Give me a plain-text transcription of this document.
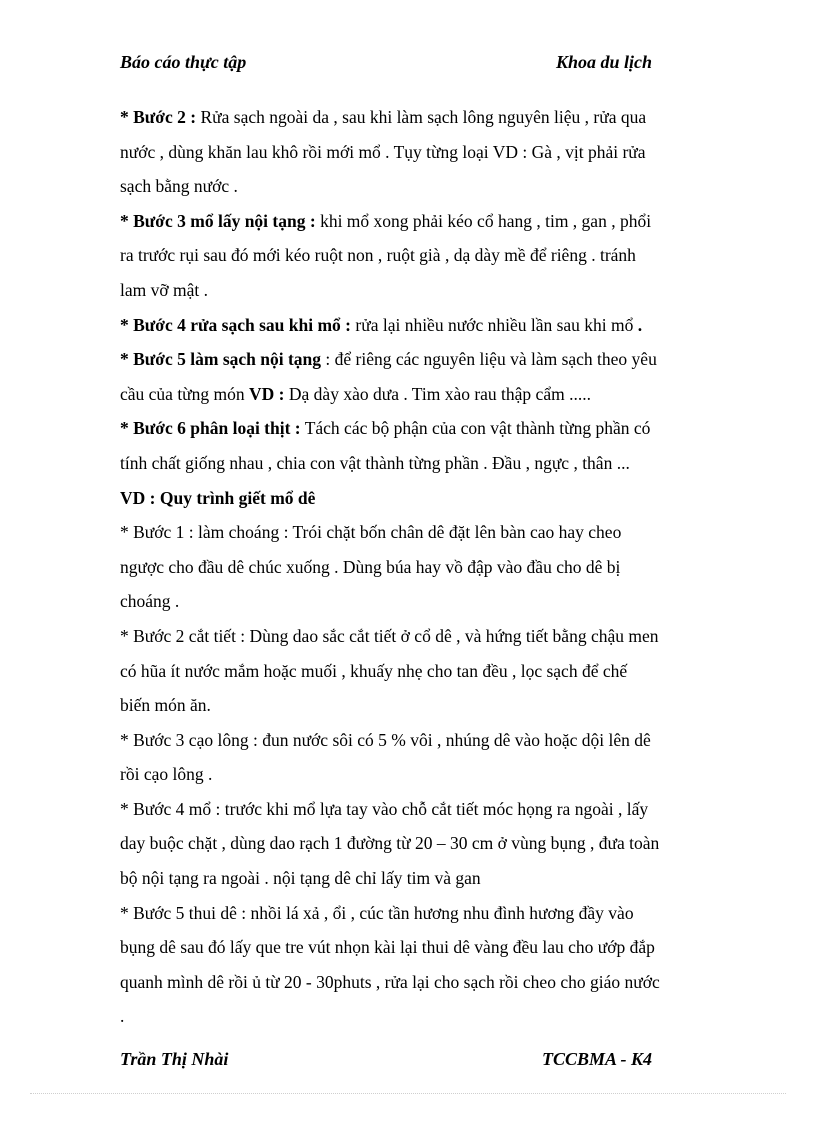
Báo cáo thực tập	Khoa du lịch
* Bước 2 : Rửa sạch ngoài da , sau khi làm sạch lông nguyên liệu , rửa qua
nước , dùng khăn lau khô rồi mới mổ . Tụy từng loại VD : Gà , vịt phải rửa
sạch bằng nước .
* Bước 3 mổ lấy nội tạng : khi mổ xong phải kéo cổ hang , tim , gan , phổi
ra trước rụi sau đó mới kéo ruột non , ruột già , dạ dày mề để riêng . tránh
lam vỡ mật .
* Bước 4 rửa sạch sau khi mổ : rửa lại nhiều nước nhiều lần sau khi mổ .
* Bước 5 làm sạch nội tạng : để riêng các nguyên liệu và làm sạch theo yêu
cầu của từng món VD : Dạ dày xào dưa . Tim xào rau thập cẩm .....
* Bước 6 phân loại thịt : Tách các bộ phận của con vật thành từng phần có
tính chất giống nhau , chia con vật thành từng phần . Đầu , ngực , thân ...
VD : Quy trình giết mổ dê
* Bước 1 : làm choáng : Trói chặt bốn chân dê đặt lên bàn cao hay cheo
ngược cho đầu dê chúc xuống . Dùng búa hay vồ đập vào đầu cho dê bị
choáng .
* Bước 2 cắt tiết : Dùng dao sắc cắt tiết ở cổ dê , và hứng tiết bằng chậu men
có hũa ít nước mắm hoặc muối , khuấy nhẹ cho tan đều , lọc sạch để chế
biến món ăn.
* Bước 3 cạo lông : đun nước sôi có 5 % vôi , nhúng dê vào hoặc dội lên dê
rồi cạo lông .
* Bước 4 mổ : trước khi mổ lựa tay vào chỗ cắt tiết móc họng ra ngoài , lấy
day buộc chặt , dùng dao rạch 1 đường từ 20 – 30 cm ở vùng bụng , đưa toàn
bộ nội tạng ra ngoài . nội tạng dê chỉ lấy tim và gan
* Bước 5 thui dê : nhồi lá xả , ổi , cúc tần hương nhu đình hương đầy vào
bụng dê sau đó lấy que tre vút nhọn kài lại thui dê vàng đều lau cho ướp đắp
quanh mình dê rồi ủ từ 20 - 30phuts , rửa lại cho sạch rồi cheo cho giáo nước
.
Trần Thị Nhài	TCCBMA - K4
